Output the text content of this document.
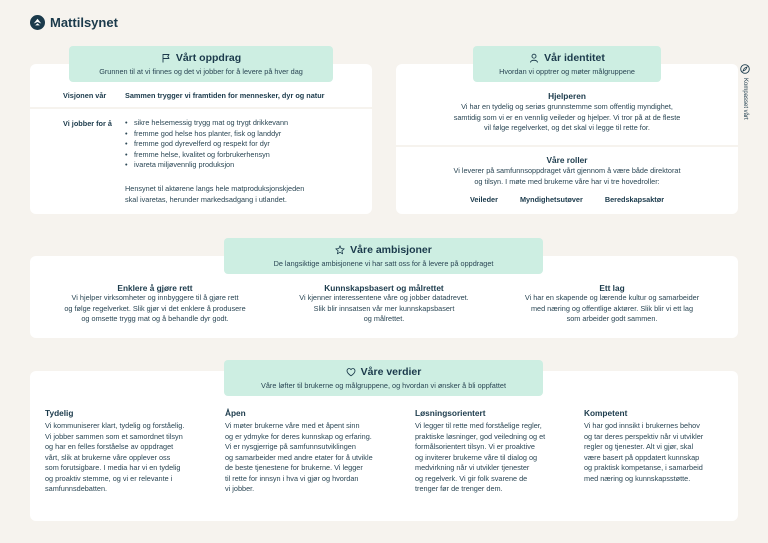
Mattilsynet
Kompasset vårt
Vårt oppdrag
Grunnen til at vi finnes og det vi jobber for å levere på hver dag
Visjonen vår	Sammen trygger vi framtiden for mennesker, dyr og natur
Vi jobber for å
•	sikre helsemessig trygg mat og trygt drikkevann
• fremme god helse hos planter, fisk og landdyr
• fremme god dyrevelferd og respekt for dyr
• fremme helse, kvalitet og forbrukerhensyn
• ivareta miljøvennlig produksjon
Hensynet til aktørene langs hele matproduksjonskjeden
skal ivaretas, herunder markedsadgang i utlandet.
Vår identitet
Hvordan vi opptrer og møter målgruppene
Hjelperen
Vi har en tydelig og seriøs grunnstemme som offentlig myndighet,
samtidig som vi er en vennlig veileder og hjelper. Vi tror på at de fleste
vil følge regelverket, og det skal vi legge til rette for.
Våre roller
Vi leverer på samfunnsoppdraget vårt gjennom å være både direktorat
og tilsyn. I møte med brukerne våre har vi tre hovedroller:
Veileder	Myndighetsutøver	Beredskapsaktør
Våre ambisjoner
De langsiktige ambisjonene vi har satt oss for å levere på oppdraget
Enklere å gjøre rett
Vi hjelper virksomheter og innbyggere til å gjøre rett
og følge regelverket. Slik gjør vi det enklere å produsere
og omsette trygg mat og å behandle dyr godt.
Kunnskapsbasert og målrettet
Vi kjenner interessentene våre og jobber datadrevet.
Slik blir innsatsen vår mer kunnskapsbasert
og målrettet.
Ett lag
Vi har en skapende og lærende kultur og samarbeider
med næring og offentlige aktører. Slik blir vi ett lag
som arbeider godt sammen.
Våre verdier
Våre løfter til brukerne og målgruppene, og hvordan vi ønsker å bli oppfattet
Tydelig
Vi kommuniserer klart, tydelig og forståelig.
Vi jobber sammen som et samordnet tilsyn
og har en felles forståelse av oppdraget
vårt, slik at brukerne våre opplever oss
som forutsigbare. I media har vi en tydelig
og proaktiv stemme, og vi er relevante i
samfunnsdebatten.
Åpen
Vi møter brukerne våre med et åpent sinn
og er ydmyke for deres kunnskap og erfaring.
Vi er nysgjerrige på samfunnsutviklingen
og samarbeider med andre etater for å utvikle
de beste tjenestene for brukerne. Vi legger
til rette for innsyn i hva vi gjør og hvordan
vi jobber.
Løsningsorientert
Vi legger til rette med forståelige regler,
praktiske løsninger, god veiledning og et
formålsorientert tilsyn. Vi er proaktive
og inviterer brukerne våre til dialog og
medvirkning når vi utvikler tjenester
og regelverk. Vi gir folk svarene de
trenger før de trenger dem.
Kompetent
Vi har god innsikt i brukernes behov
og tar deres perspektiv når vi utvikler
regler og tjenester. Alt vi gjør, skal
være basert på oppdatert kunnskap
og praktisk kompetanse, i samarbeid
med næring og kunnskapsstøtte.
